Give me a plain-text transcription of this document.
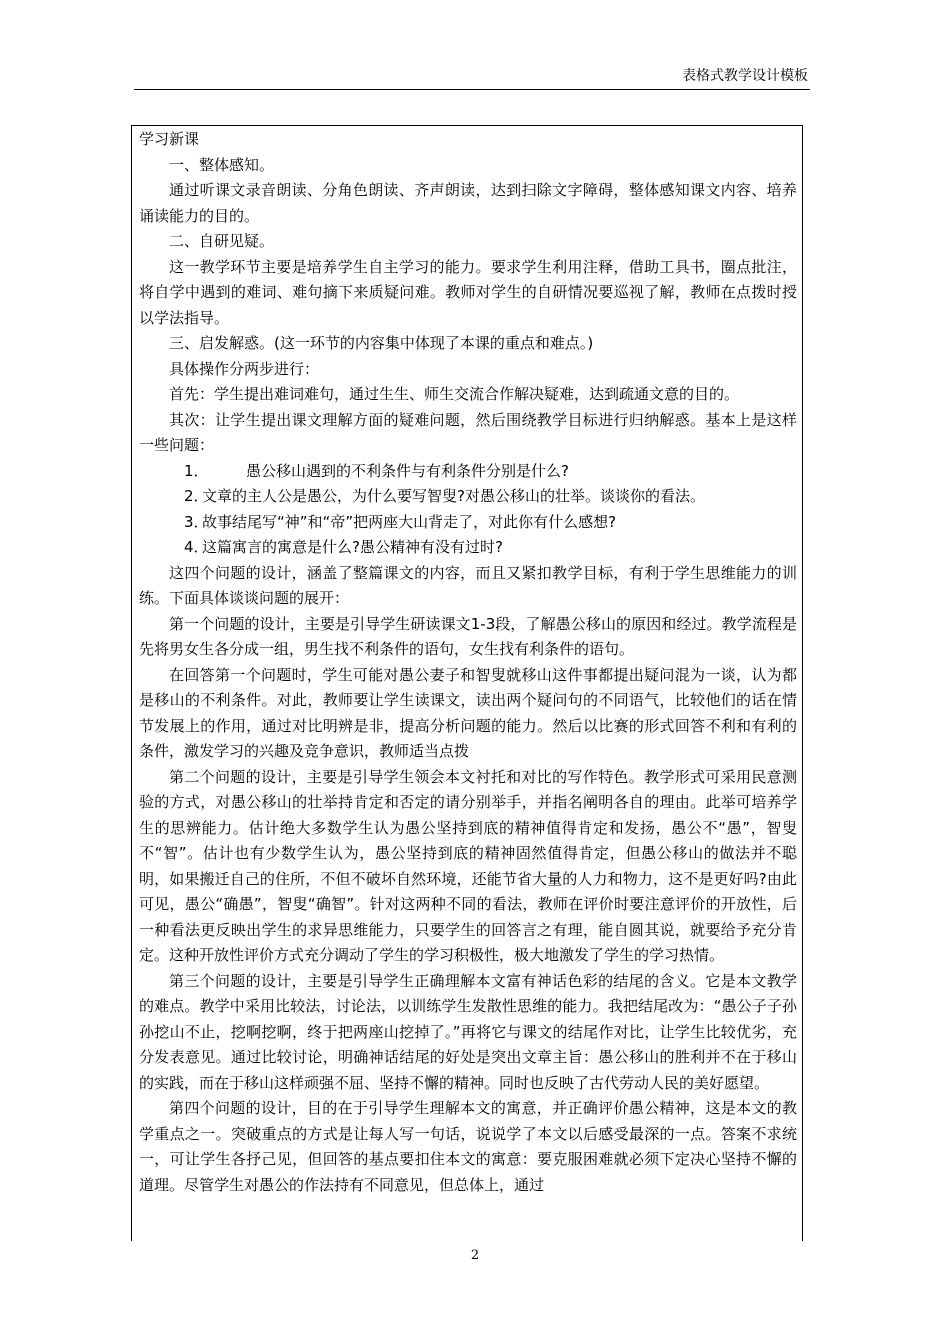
表格式教学设计模板

学习新课

一、整体感知。

通过听课文录音朗读、分角色朗读、齐声朗读，达到扫除文字障碍，整体感知课文内容、培养诵读能力的目的。

二、自研见疑。

这一教学环节主要是培养学生自主学习的能力。要求学生利用注释，借助工具书，圈点批注，将自学中遇到的难词、难句摘下来质疑问难。教师对学生的自研情况要巡视了解，教师在点拨时授以学法指导。

三、启发解惑。(这一环节的内容集中体现了本课的重点和难点。)

具体操作分两步进行：

首先：学生提出难词难句，通过生生、师生交流合作解决疑难，达到疏通文意的目的。

其次：让学生提出课文理解方面的疑难问题，然后围绕教学目标进行归纳解惑。基本上是这样一些问题：

1． 愚公移山遇到的不利条件与有利条件分别是什么?

2．文章的主人公是愚公，为什么要写智叟?对愚公移山的壮举。谈谈你的看法。

3．故事结尾写“神”和“帝”把两座大山背走了，对此你有什么感想?

4．这篇寓言的寓意是什么?愚公精神有没有过时?

这四个问题的设计，涵盖了整篇课文的内容，而且又紧扣教学目标，有利于学生思维能力的训练。下面具体谈谈问题的展开：

第一个问题的设计，主要是引导学生研读课文1-3段，了解愚公移山的原因和经过。教学流程是先将男女生各分成一组，男生找不利条件的语句，女生找有利条件的语句。

在回答第一个问题时，学生可能对愚公妻子和智叟就移山这件事都提出疑问混为一谈，认为都是移山的不利条件。对此，教师要让学生读课文，读出两个疑问句的不同语气，比较他们的话在情节发展上的作用，通过对比明辨是非，提高分析问题的能力。然后以比赛的形式回答不利和有利的条件，激发学习的兴趣及竞争意识，教师适当点拨

第二个问题的设计，主要是引导学生领会本文衬托和对比的写作特色。教学形式可采用民意测验的方式，对愚公移山的壮举持肯定和否定的请分别举手，并指名阐明各自的理由。此举可培养学生的思辨能力。估计绝大多数学生认为愚公坚持到底的精神值得肯定和发扬，愚公不“愚”，智叟不“智”。估计也有少数学生认为，愚公坚持到底的精神固然值得肯定，但愚公移山的做法并不聪明，如果搬迁自己的住所，不但不破坏自然环境，还能节省大量的人力和物力，这不是更好吗?由此可见，愚公“确愚”，智叟“确智”。针对这两种不同的看法，教师在评价时要注意评价的开放性，后一种看法更反映出学生的求异思维能力，只要学生的回答言之有理，能自圆其说，就要给予充分肯定。这种开放性评价方式充分调动了学生的学习积极性，极大地激发了学生的学习热情。

第三个问题的设计，主要是引导学生正确理解本文富有神话色彩的结尾的含义。它是本文教学的难点。教学中采用比较法，讨论法，以训练学生发散性思维的能力。我把结尾改为：“愚公子子孙孙挖山不止，挖啊挖啊，终于把两座山挖掉了。”再将它与课文的结尾作对比，让学生比较优劣，充分发表意见。通过比较讨论，明确神话结尾的好处是突出文章主旨：愚公移山的胜利并不在于移山的实践，而在于移山这样顽强不屈、坚持不懈的精神。同时也反映了古代劳动人民的美好愿望。

第四个问题的设计，目的在于引导学生理解本文的寓意，并正确评价愚公精神，这是本文的教学重点之一。突破重点的方式是让每人写一句话，说说学了本文以后感受最深的一点。答案不求统一，可让学生各抒己见，但回答的基点要扣住本文的寓意：要克服困难就必须下定决心坚持不懈的道理。尽管学生对愚公的作法持有不同意见，但总体上，通过

2
